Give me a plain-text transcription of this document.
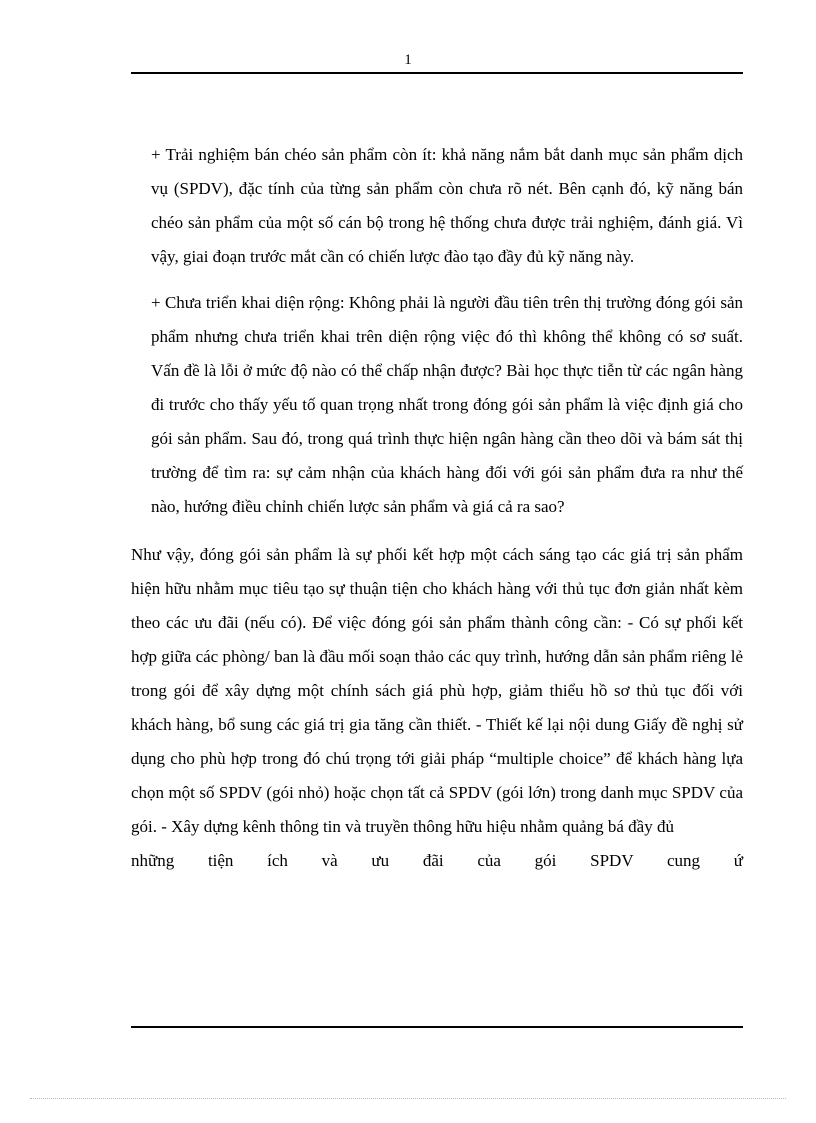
1

+ Trải nghiệm bán chéo sản phẩm còn ít: khả năng nắm bắt danh mục sản phẩm dịch vụ (SPDV), đặc tính của từng sản phẩm còn chưa rõ nét. Bên cạnh đó, kỹ năng bán chéo sản phẩm của một số cán bộ trong hệ thống chưa được trải nghiệm, đánh giá. Vì vậy, giai đoạn trước mắt cần có chiến lược đào tạo đầy đủ kỹ năng này.

+ Chưa triển khai diện rộng: Không phải là người đầu tiên trên thị trường đóng gói sản phẩm nhưng chưa triển khai trên diện rộng việc đó thì không thể không có sơ suất. Vấn đề là lỗi ở mức độ nào có thể chấp nhận được? Bài học thực tiễn từ các ngân hàng đi trước cho thấy yếu tố quan trọng nhất trong đóng gói sản phẩm là việc định giá cho gói sản phẩm. Sau đó, trong quá trình thực hiện ngân hàng cần theo dõi và bám sát thị trường để tìm ra: sự cảm nhận của khách hàng đối với gói sản phẩm đưa ra như thế nào, hướng điều chỉnh chiến lược sản phẩm và giá cả ra sao?

Như vậy, đóng gói sản phẩm là sự phối kết hợp một cách sáng tạo các giá trị sản phẩm hiện hữu nhằm mục tiêu tạo sự thuận tiện cho khách hàng với thủ tục đơn giản nhất kèm theo các ưu đãi (nếu có). Để việc đóng gói sản phẩm thành công cần: - Có sự phối kết hợp giữa các phòng/ ban là đầu mối soạn thảo các quy trình, hướng dẫn sản phẩm riêng lẻ trong gói để xây dựng một chính sách giá phù hợp, giảm thiểu hồ sơ thủ tục đối với khách hàng, bổ sung các giá trị gia tăng cần thiết. - Thiết kế lại nội dung Giấy đề nghị sử dụng cho phù hợp trong đó chú trọng tới giải pháp “multiple choice” để khách hàng lựa chọn một số SPDV (gói nhỏ) hoặc chọn tất cả SPDV (gói lớn) trong danh mục SPDV của gói. - Xây dựng kênh thông tin và truyền thông hữu hiệu nhằm quảng bá đầy đủ
những tiện ích và ưu đãi của gói SPDV cung ứ
